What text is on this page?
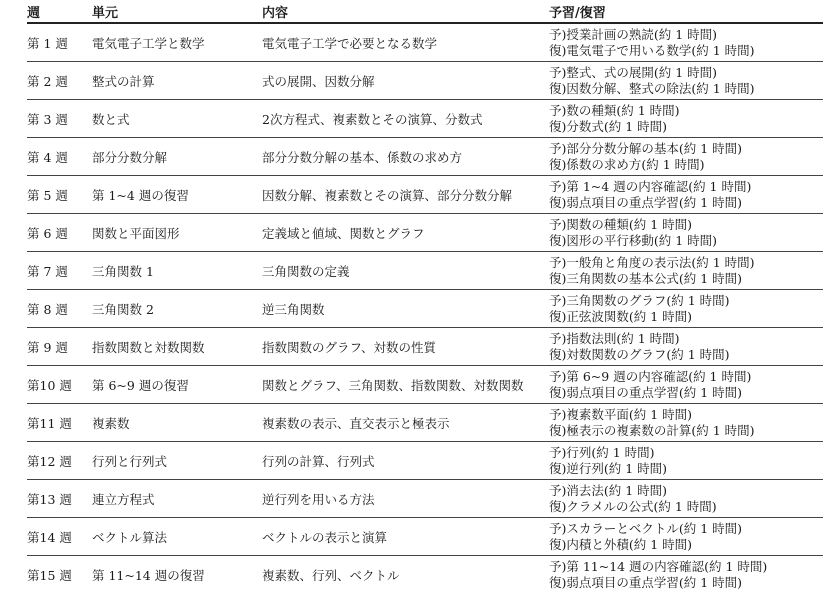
週	単元	内容	予習/復習
第 1 週	電気電子工学と数学	電気電子工学で必要となる数学	予)授業計画の熟読(約 1 時間)
復)電気電子で用いる数学(約 1 時間)

第 2 週	整式の計算	式の展開、因数分解	予)整式、式の展開(約 1 時間)
復)因数分解、整式の除法(約 1 時間)

第 3 週	数と式	2次方程式、複素数とその演算、分数式	予)数の種類(約 1 時間)
復)分数式(約 1 時間)

第 4 週	部分分数分解	部分分数分解の基本、係数の求め方	予)部分分数分解の基本(約 1 時間)
復)係数の求め方(約 1 時間)

第 5 週	第 1~4 週の復習	因数分解、複素数とその演算、部分分数分解	予)第 1~4 週の内容確認(約 1 時間)
復)弱点項目の重点学習(約 1 時間)

第 6 週	関数と平面図形	定義域と値域、関数とグラフ	予)関数の種類(約 1 時間)
復)図形の平行移動(約 1 時間)

第 7 週	三角関数 1	三角関数の定義	予)一般角と角度の表示法(約 1 時間)
復)三角関数の基本公式(約 1 時間)

第 8 週	三角関数 2	逆三角関数	予)三角関数のグラフ(約 1 時間)
復)正弦波関数(約 1 時間)

第 9 週	指数関数と対数関数	指数関数のグラフ、対数の性質	予)指数法則(約 1 時間)
復)対数関数のグラフ(約 1 時間)

第10 週	第 6~9 週の復習	関数とグラフ、三角関数、指数関数、対数関数	予)第 6~9 週の内容確認(約 1 時間)
復)弱点項目の重点学習(約 1 時間)

第11 週	複素数	複素数の表示、直交表示と極表示	予)複素数平面(約 1 時間)
復)極表示の複素数の計算(約 1 時間)

第12 週	行列と行列式	行列の計算、行列式	予)行列(約 1 時間)
復)逆行列(約 1 時間)

第13 週	連立方程式	逆行列を用いる方法	予)消去法(約 1 時間)
復)クラメルの公式(約 1 時間)

第14 週	ベクトル算法	ベクトルの表示と演算	予)スカラーとベクトル(約 1 時間)
復)内積と外積(約 1 時間)

第15 週	第 11~14 週の復習	複素数、行列、ベクトル	予)第 11~14 週の内容確認(約 1 時間)
復)弱点項目の重点学習(約 1 時間)
